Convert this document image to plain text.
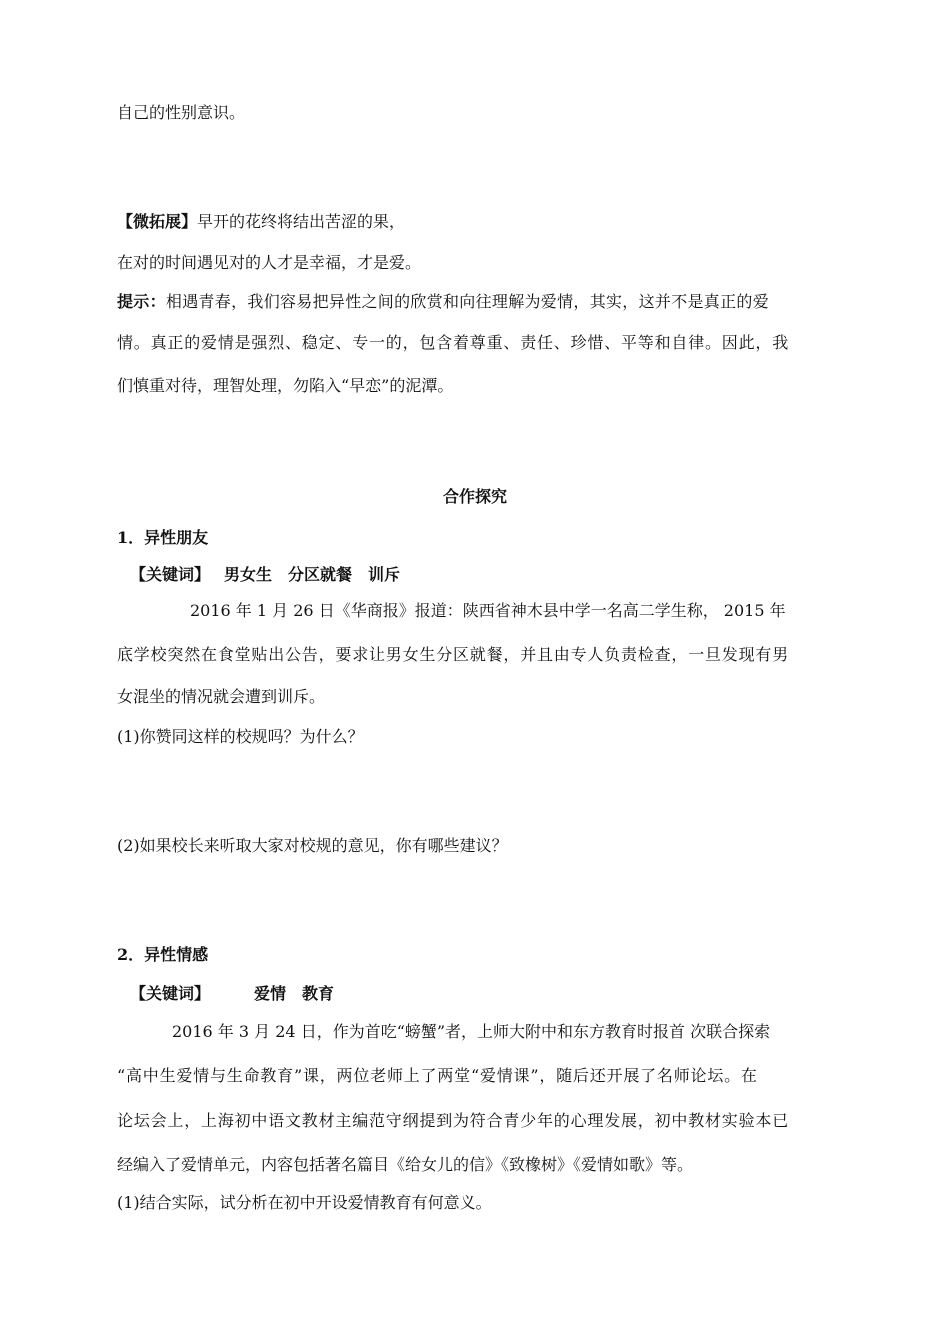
自己的性别意识。
【微拓展】早开的花终将结出苦涩的果，
在对的时间遇见对的人才是幸福，才是爱。
提示：相遇青春，我们容易把异性之间的欣赏和向往理解为爱情，其实，这并不是真正的爱
情。真正的爱情是强烈、稳定、专一的，包含着尊重、责任、珍惜、平等和自律。因此，我
们慎重对待，理智处理，勿陷入“早恋”的泥潭。
合作探究
1．异性朋友
【关键词】 男女生 分区就餐 训斥
2016 年 1 月 26 日《华商报》报道：陕西省神木县中学一名高二学生称， 2015 年
底学校突然在食堂贴出公告，要求让男女生分区就餐，并且由专人负责检查，一旦发现有男
女混坐的情况就会遭到训斥。
(1)你赞同这样的校规吗？为什么？
(2)如果校长来听取大家对校规的意见，你有哪些建议？
2．异性情感
【关键词】	爱情 教育
2016 年 3 月 24 日，作为首吃“螃蟹”者，上师大附中和东方教育时报首 次联合探索
“高中生爱情与生命教育”课，两位老师上了两堂“爱情课”，随后还开展了名师论坛。在
论坛会上，上海初中语文教材主编范守纲提到为符合青少年的心理发展，初中教材实验本已
经编入了爱情单元，内容包括著名篇目《给女儿的信》《致橡树》《爱情如歌》等。
(1)结合实际，试分析在初中开设爱情教育有何意义。
